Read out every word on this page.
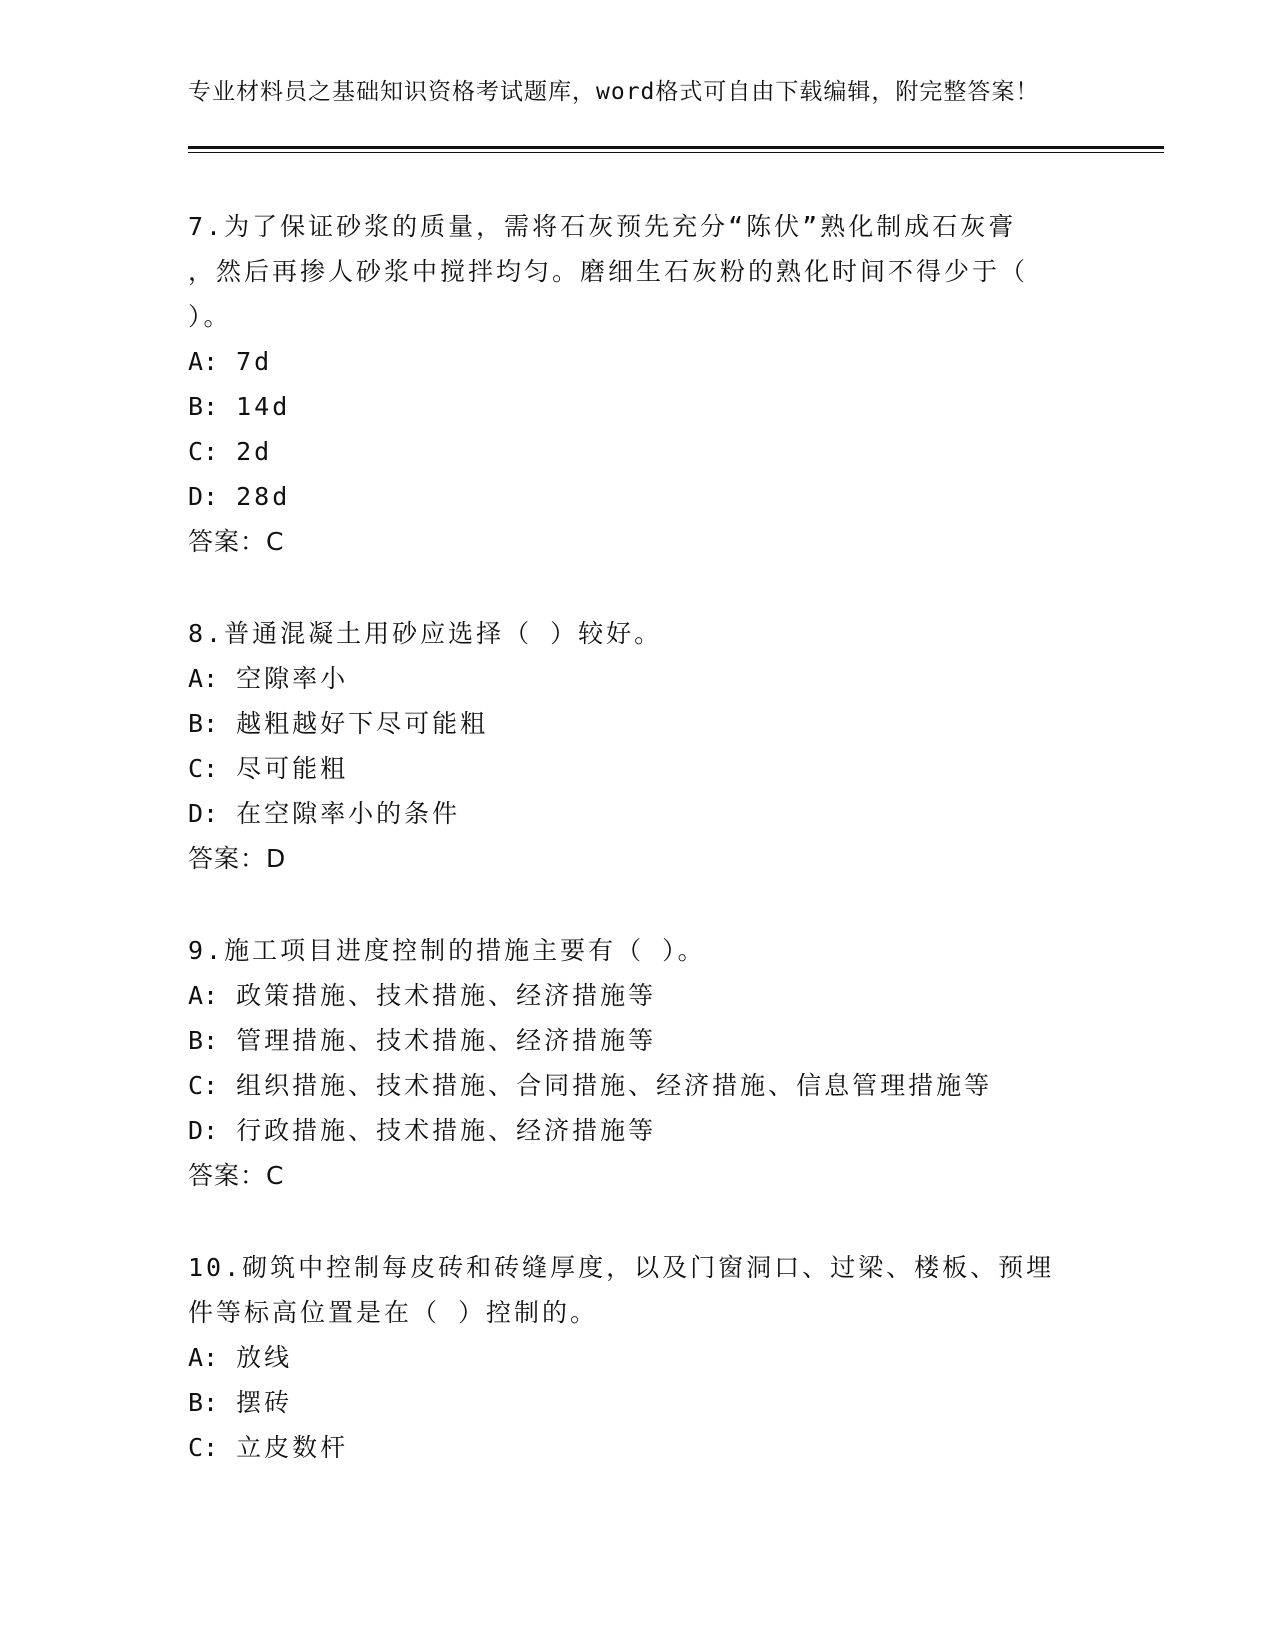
专业材料员之基础知识资格考试题库，word格式可自由下载编辑，附完整答案！

7.为了保证砂浆的质量，需将石灰预先充分“陈伏”熟化制成石灰膏
，然后再掺人砂浆中搅拌均匀。磨细生石灰粉的熟化时间不得少于（
）。

A: 7d

B: 14d

C: 2d

D: 28d

答案：C

8.普通混凝土用砂应选择（ ）较好。

A: 空隙率小

B: 越粗越好下尽可能粗

C: 尽可能粗

D: 在空隙率小的条件

答案：D

9.施工项目进度控制的措施主要有（ ）。

A: 政策措施、技术措施、经济措施等

B: 管理措施、技术措施、经济措施等

C: 组织措施、技术措施、合同措施、经济措施、信息管理措施等

D: 行政措施、技术措施、经济措施等

答案：C

10.砌筑中控制每皮砖和砖缝厚度，以及门窗洞口、过梁、楼板、预埋
件等标高位置是在（ ）控制的。

A: 放线

B: 摆砖

C: 立皮数杆
